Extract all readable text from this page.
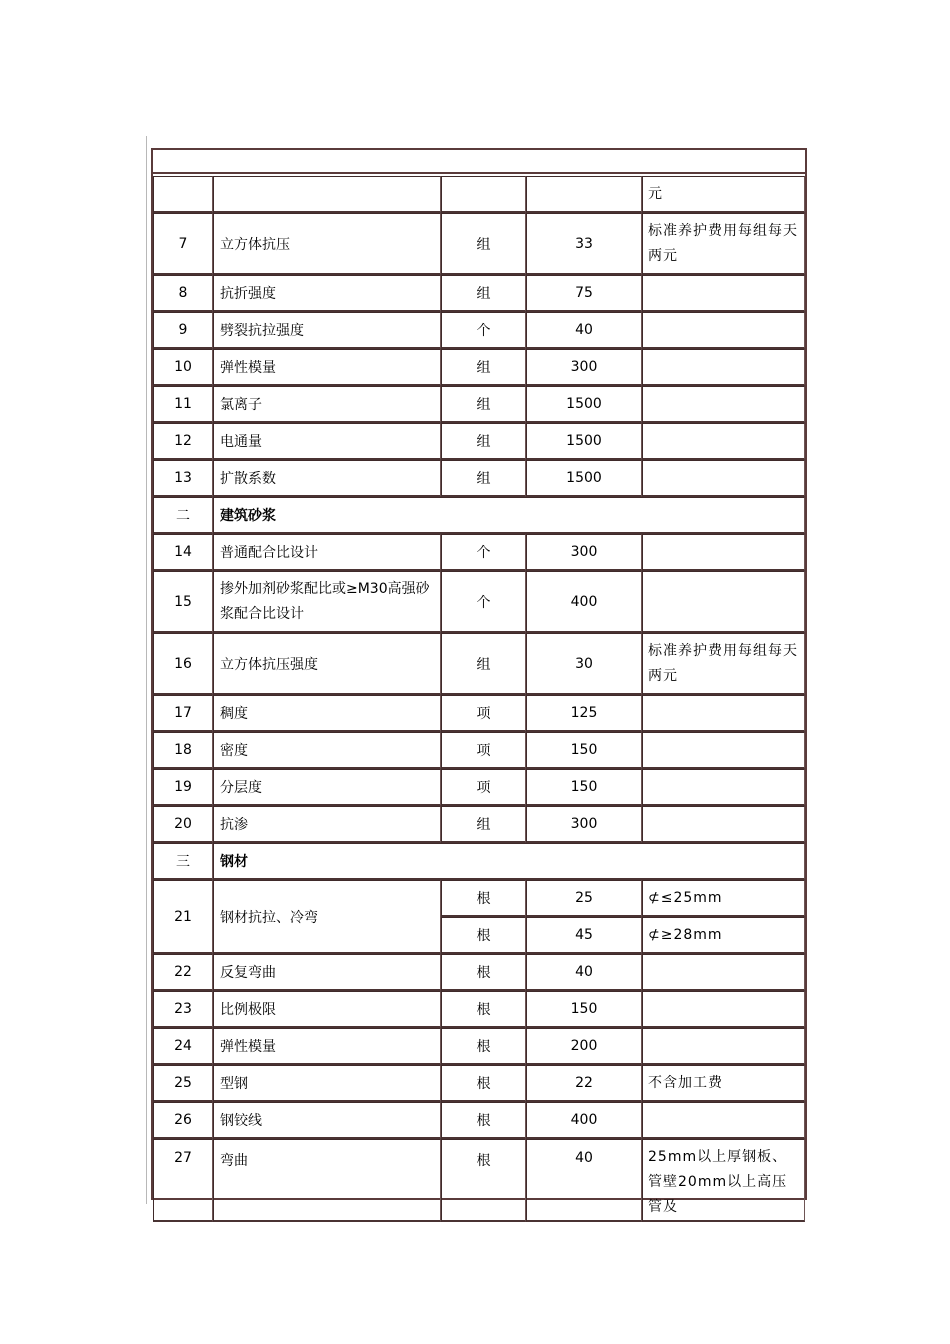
				元
7	立方体抗压	组	33	标准养护费用每组每天两元
8	抗折强度	组	75	
9	劈裂抗拉强度	个	40	
10	弹性模量	组	300	
11	氯离子	组	1500	
12	电通量	组	1500	
13	扩散系数	组	1500	
二	建筑砂浆			
14	普通配合比设计	个	300	
15	掺外加剂砂浆配比或≥M30高强砂浆配合比设计	个	400	
16	立方体抗压强度	组	30	标准养护费用每组每天两元
17	稠度	项	125	
18	密度	项	150	
19	分层度	项	150	
20	抗渗	组	300	
三	钢材			
21	钢材抗拉、冷弯	根	25	⊄≤25mm
		根	45	⊄≥28mm
22	反复弯曲	根	40	
23	比例极限	根	150	
24	弹性模量	根	200	
25	型钢	根	22	不含加工费
26	钢铰线	根	400	
27	弯曲	根	40	25mm以上厚钢板、管壁20mm以上高压管及
